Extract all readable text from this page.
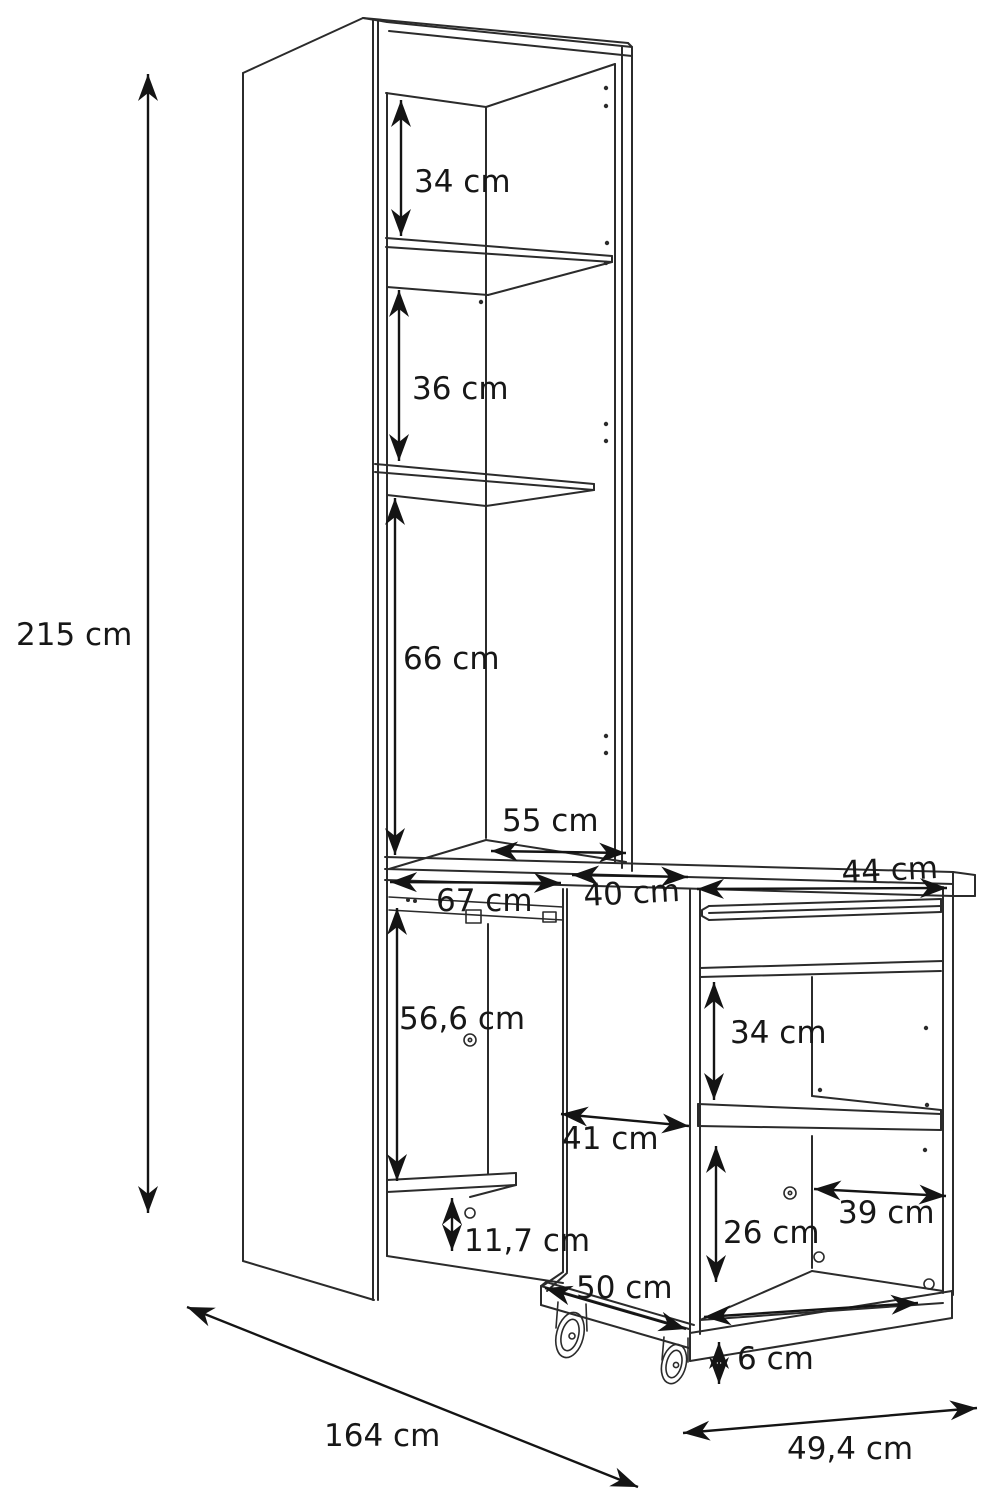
215 cm
34 cm
36 cm
66 cm
55 cm
67 cm 40 cm
44 cm
56,6 cm
11,7 cm
41 cm
34 cm
26 cm
39 cm
50 cm
6 cm
49,4 cm
164 cm
